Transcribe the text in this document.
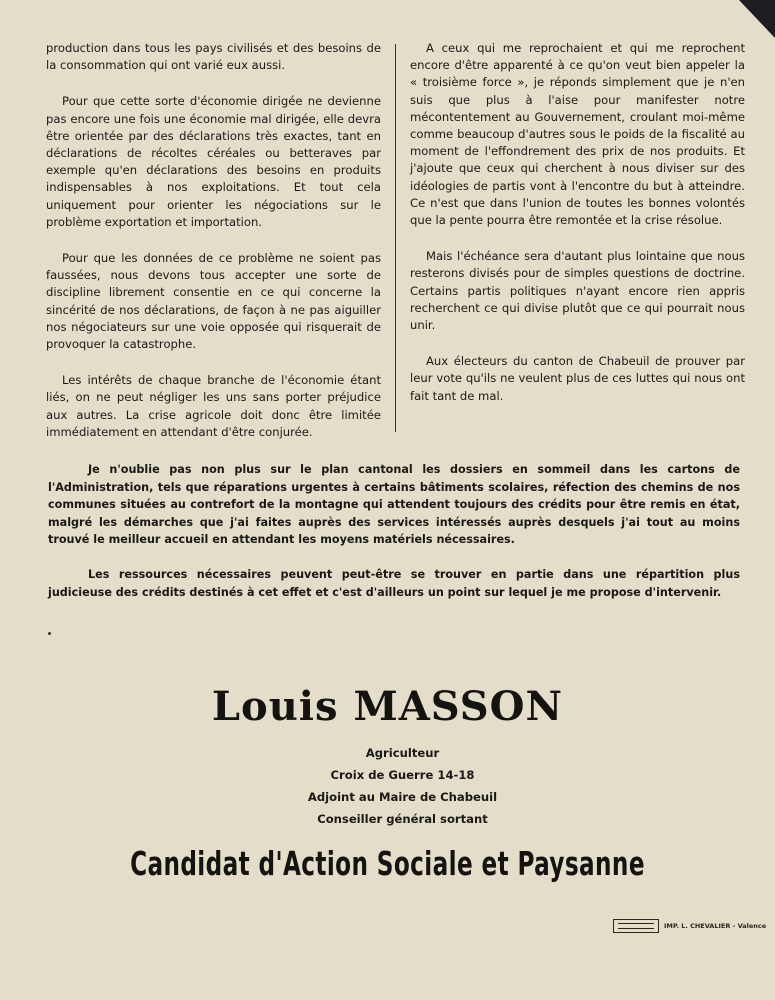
production dans tous les pays civilisés et des besoins de la consommation qui ont varié eux aussi.

Pour que cette sorte d'économie dirigée ne devienne pas encore une fois une économie mal dirigée, elle devra être orientée par des déclarations très exactes, tant en déclarations de récoltes céréales ou betteraves par exemple qu'en déclarations des besoins en produits indispensables à nos exploitations. Et tout cela uniquement pour orienter les négociations sur le problème exportation et importation.

Pour que les données de ce problème ne soient pas faussées, nous devons tous accepter une sorte de discipline librement consentie en ce qui concerne la sincérité de nos déclarations, de façon à ne pas aiguiller nos négociateurs sur une voie opposée qui risquerait de provoquer la catastrophe.

Les intérêts de chaque branche de l'économie étant liés, on ne peut négliger les uns sans porter préjudice aux autres. La crise agricole doit donc être limitée immédiatement en attendant d'être conjurée.

A ceux qui me reprochaient et qui me reprochent encore d'être apparenté à ce qu'on veut bien appeler la « troisième force », je réponds simplement que je n'en suis que plus à l'aise pour manifester notre mécontentement au Gouvernement, croulant moi-même comme beaucoup d'autres sous le poids de la fiscalité au moment de l'effondrement des prix de nos produits. Et j'ajoute que ceux qui cherchent à nous diviser sur des idéologies de partis vont à l'encontre du but à atteindre. Ce n'est que dans l'union de toutes les bonnes volontés que la pente pourra être remontée et la crise résolue.

Mais l'échéance sera d'autant plus lointaine que nous resterons divisés pour de simples questions de doctrine. Certains partis politiques n'ayant encore rien appris recherchent ce qui divise plutôt que ce qui pourrait nous unir.

Aux électeurs du canton de Chabeuil de prouver par leur vote qu'ils ne veulent plus de ces luttes qui nous ont fait tant de mal.

Je n'oublie pas non plus sur le plan cantonal les dossiers en sommeil dans les cartons de l'Administration, tels que réparations urgentes à certains bâtiments scolaires, réfection des chemins de nos communes situées au contrefort de la montagne qui attendent toujours des crédits pour être remis en état, malgré les démarches que j'ai faites auprès des services intéressés auprès desquels j'ai tout au moins trouvé le meilleur accueil en attendant les moyens matériels nécessaires.

Les ressources nécessaires peuvent peut-être se trouver en partie dans une répartition plus judicieuse des crédits destinés à cet effet et c'est d'ailleurs un point sur lequel je me propose d'intervenir.

Louis MASSON
Agriculteur
Croix de Guerre 14-18
Adjoint au Maire de Chabeuil
Conseiller général sortant
Candidat d'Action Sociale et Paysanne
IMP. L. CHEVALIER - Valence
